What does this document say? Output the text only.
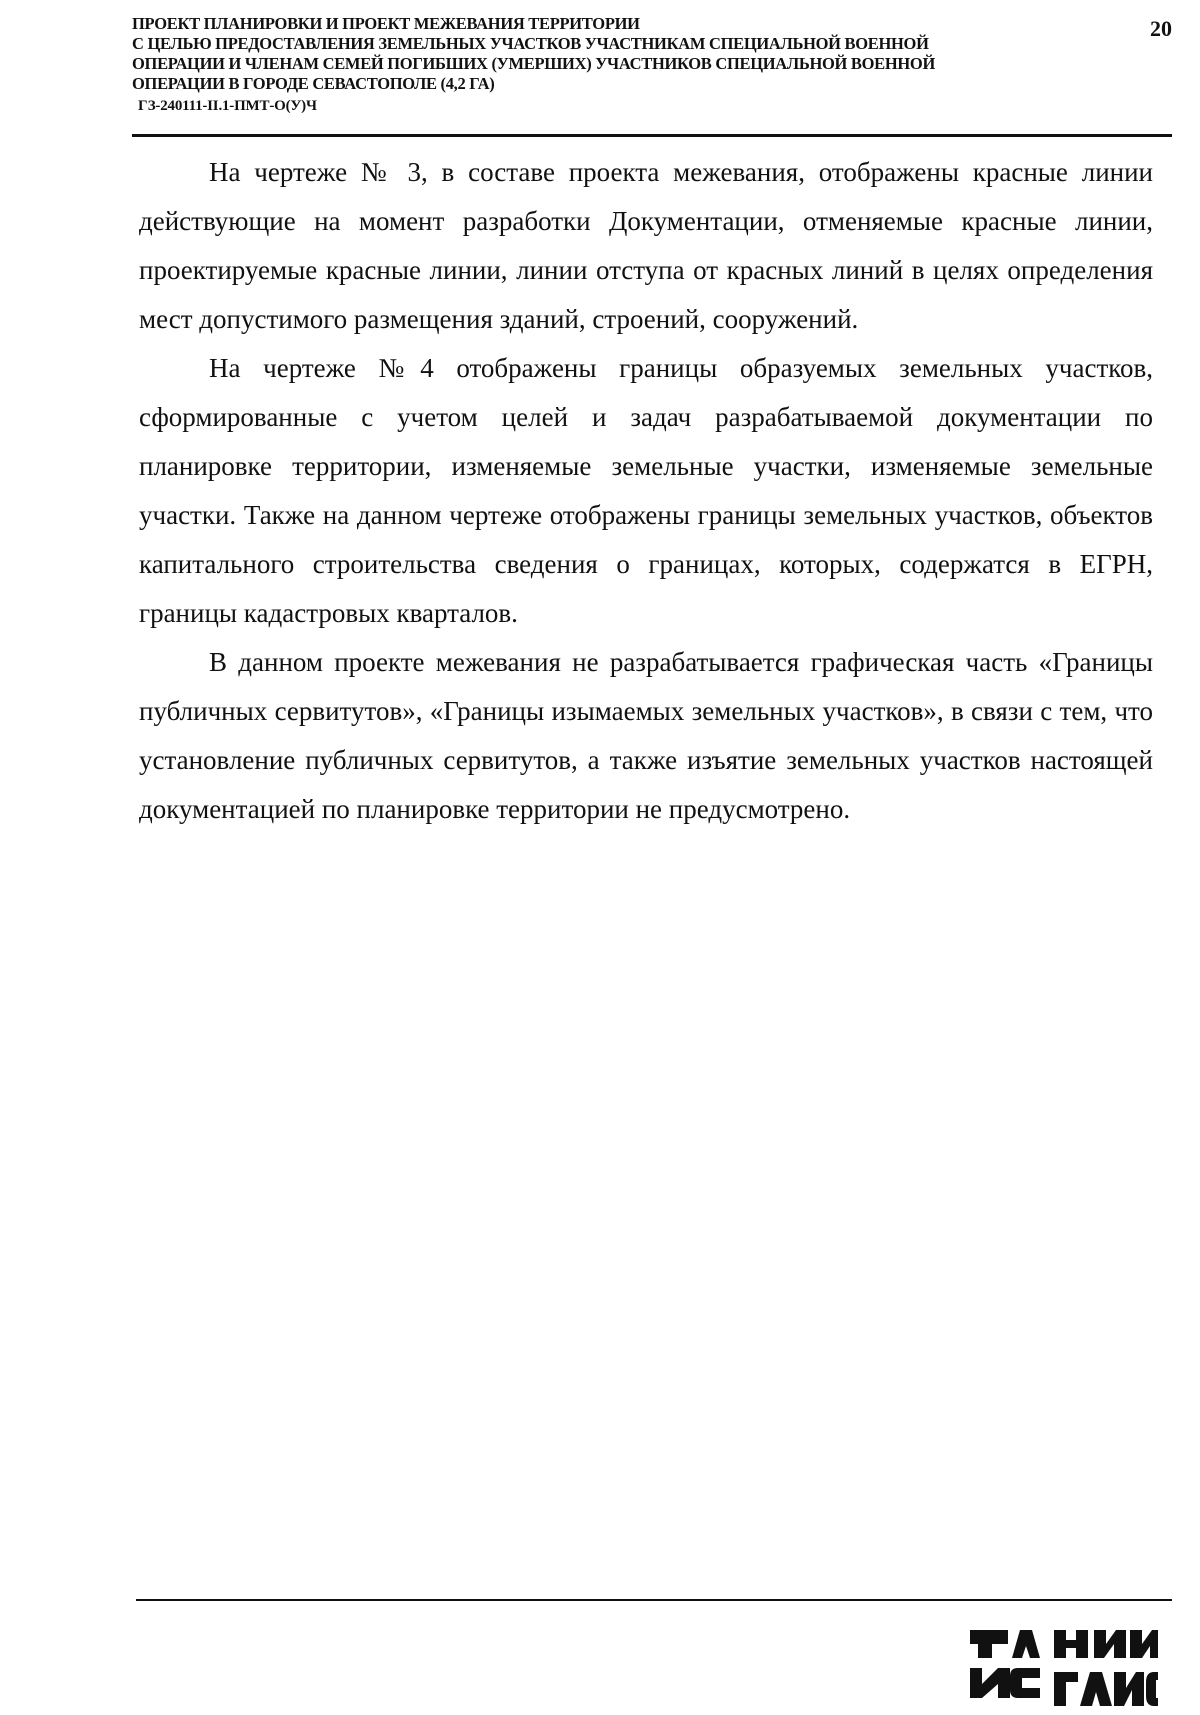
ПРОЕКТ ПЛАНИРОВКИ И ПРОЕКТ МЕЖЕВАНИЯ ТЕРРИТОРИИ
С ЦЕЛЬЮ ПРЕДОСТАВЛЕНИЯ ЗЕМЕЛЬНЫХ УЧАСТКОВ УЧАСТНИКАМ СПЕЦИАЛЬНОЙ ВОЕННОЙ
ОПЕРАЦИИ И ЧЛЕНАМ СЕМЕЙ ПОГИБШИХ (УМЕРШИХ) УЧАСТНИКОВ СПЕЦИАЛЬНОЙ ВОЕННОЙ
ОПЕРАЦИИ В ГОРОДЕ СЕВАСТОПОЛЕ (4,2 ГА)

ГЗ-240111-II.1-ПМТ-О(У)Ч
20

На чертеже № 3, в составе проекта межевания, отображены красные линии действующие на момент разработки Документации, отменяемые красные линии, проектируемые красные линии, линии отступа от красных линий в целях определения мест допустимого размещения зданий, строений, сооружений.

На чертеже №4 отображены границы образуемых земельных участков, сформированные с учетом целей и задач разрабатываемой документации по планировке территории, изменяемые земельные участки, изменяемые земельные участки. Также на данном чертеже отображены границы земельных участков, объектов капитального строительства сведения о границах, которых, содержатся в ЕГРН, границы кадастровых кварталов.

В данном проекте межевания не разрабатывается графическая часть «Границы публичных сервитутов», «Границы изымаемых земельных участков», в связи с тем, что установление публичных сервитутов, а также изъятие земельных участков настоящей документацией по планировке территории не предусмотрено.
